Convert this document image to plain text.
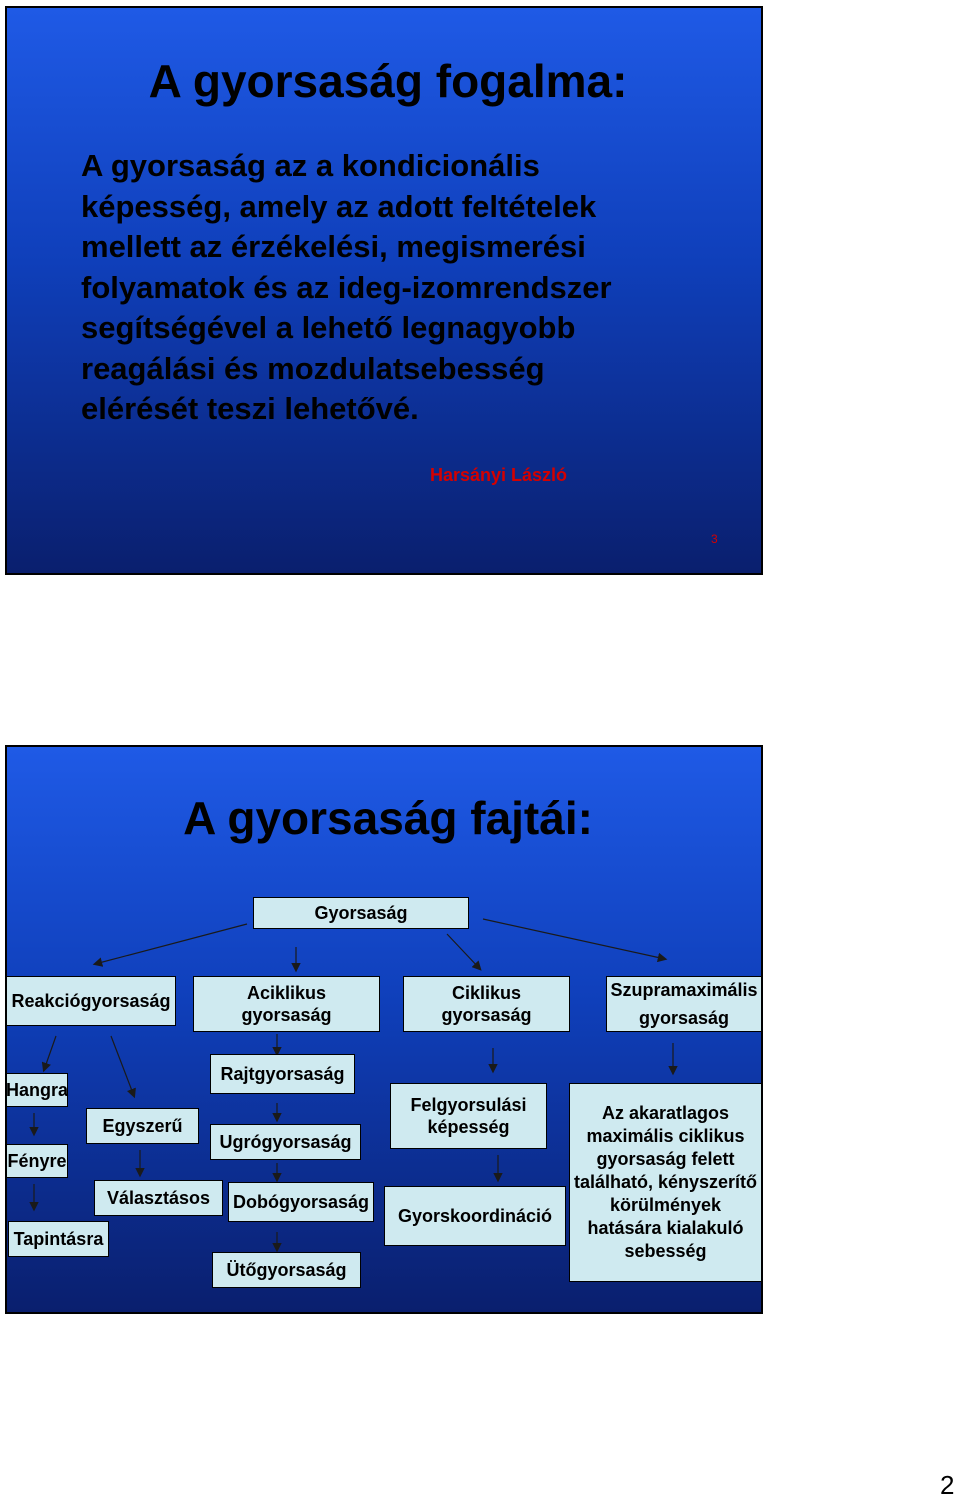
A gyorsaság fogalma:

A gyorsaság az a kondicionális
képesség, amely az adott feltételek
mellett az érzékelési, megismerési
folyamatok és az ideg-izomrendszer
segítségével a lehető legnagyobb
reagálási és mozdulatsebesség
elérését teszi lehetővé.

Harsányi László
3
A gyorsaság fajtái:
Gyorsaság
Reakciógyorsaság	Aciklikus
gyorsaság
Ciklikus
gyorsaság
Szupramaximális
gyorsaság
Hangra
Fényre
Tapintásra
Egyszerű
Választásos
Rajtgyorsaság
Ugrógyorsaság
Dobógyorsaság
Ütőgyorsaság
Felgyorsulási
képesség
Gyorskoordináció
Az akaratlagos
maximális ciklikus
gyorsaság felett
található, kényszerítő
körülmények
hatására kialakuló
sebesség
2
